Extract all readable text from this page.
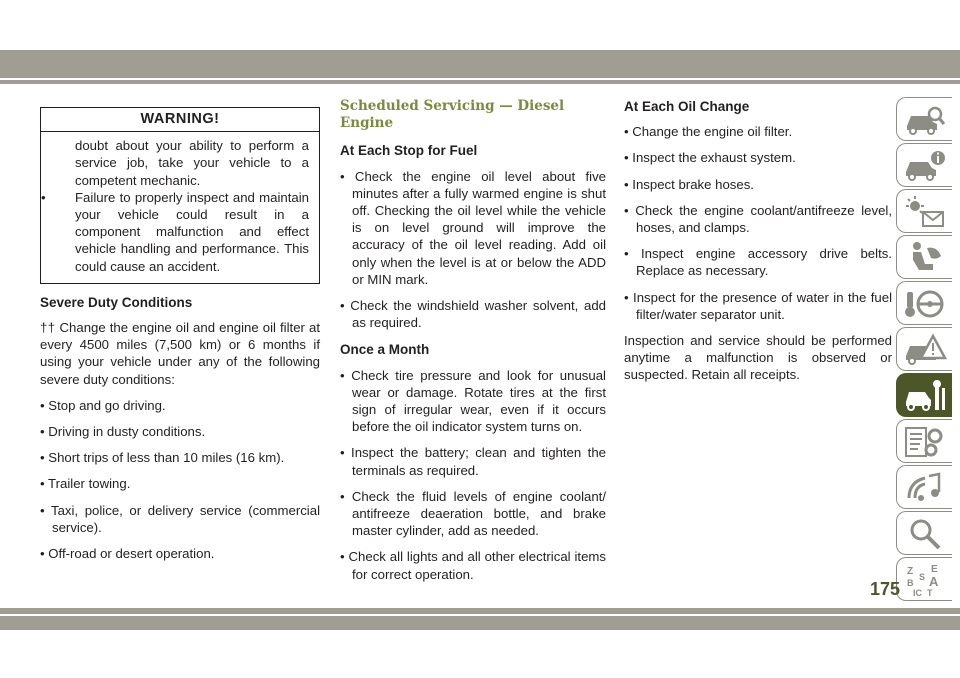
WARNING!

doubt about your ability to perform a service job, take your vehicle to a competent mechanic.

• Failure to properly inspect and maintain your vehicle could result in a component malfunction and effect vehicle handling and performance. This could cause an accident.

Severe Duty Conditions

†† Change the engine oil and engine oil filter at every 4500 miles (7,500 km) or 6 months if using your vehicle under any of the following severe duty conditions:

• Stop and go driving.

• Driving in dusty conditions.

• Short trips of less than 10 miles (16 km).

• Trailer towing.

• Taxi, police, or delivery service (commercial service).

• Off-road or desert operation.

Scheduled Servicing — Diesel Engine
At Each Stop for Fuel

• Check the engine oil level about five minutes after a fully warmed engine is shut off. Checking the oil level while the vehicle is on level ground will improve the accuracy of the oil level reading. Add oil only when the level is at or below the ADD or MIN mark.

• Check the windshield washer solvent, add as required.

Once a Month

• Check tire pressure and look for unusual wear or damage. Rotate tires at the first sign of irregular wear, even if it occurs before the oil indicator system turns on.

• Inspect the battery; clean and tighten the terminals as required.

• Check the fluid levels of engine coolant/ antifreeze deaeration bottle, and brake master cylinder, add as needed.

• Check all lights and all other electrical items for correct operation.

At Each Oil Change

• Change the engine oil filter.

• Inspect the exhaust system.

• Inspect brake hoses.

• Check the engine coolant/antifreeze level, hoses, and clamps.

• Inspect engine accessory drive belts. Replace as necessary.

• Inspect for the presence of water in the fuel filter/water separator unit.

Inspection and service should be performed anytime a malfunction is observed or suspected. Retain all receipts.

Z E
B A
IC T
S
175
